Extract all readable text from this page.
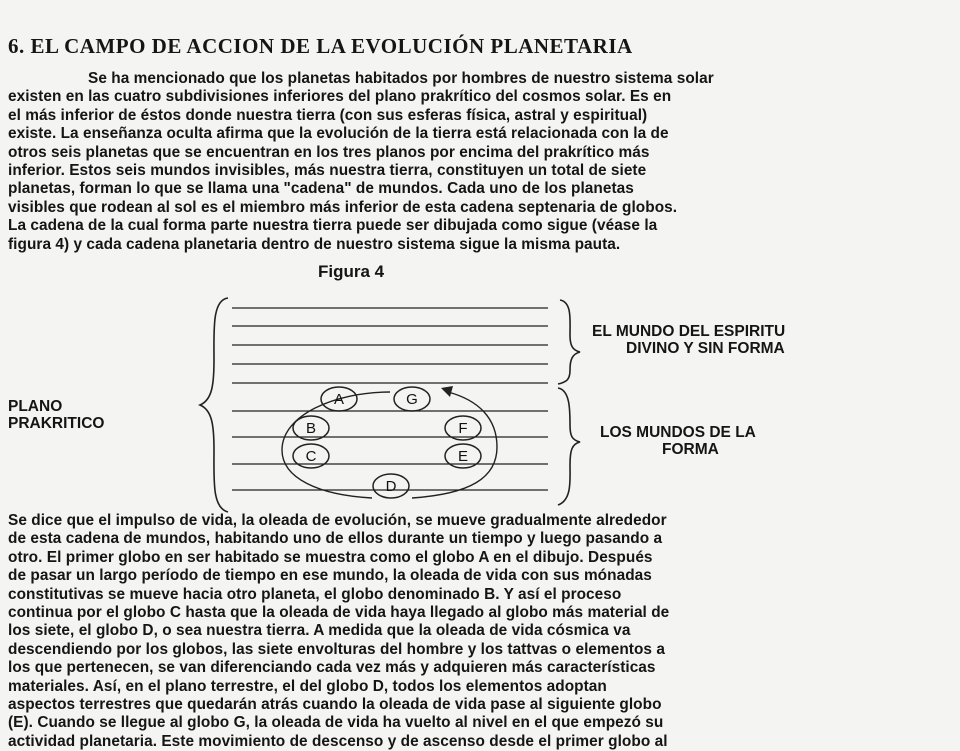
6. EL CAMPO DE ACCION DE LA EVOLUCIÓN PLANETARIA
Se ha mencionado que los planetas habitados por hombres de nuestro sistema solar
existen en las cuatro subdivisiones inferiores del plano prakrítico del cosmos solar. Es en
el más inferior de éstos donde nuestra tierra (con sus esferas física, astral y espiritual)
existe. La enseñanza oculta afirma que la evolución de la tierra está relacionada con la de
otros seis planetas que se encuentran en los tres planos por encima del prakrítico más
inferior. Estos seis mundos invisibles, más nuestra tierra, constituyen un total de siete
planetas, forman lo que se llama una "cadena" de mundos. Cada uno de los planetas
visibles que rodean al sol es el miembro más inferior de esta cadena septenaria de globos.
La cadena de la cual forma parte nuestra tierra puede ser dibujada como sigue (véase la
figura 4) y cada cadena planetaria dentro de nuestro sistema sigue la misma pauta.
Figura 4
A	G
B	F
C	E
D
PLANO
PRAKRITICO
EL MUNDO DEL ESPIRITU
DIVINO Y SIN FORMA
LOS MUNDOS DE LA
FORMA
Se dice que el impulso de vida, la oleada de evolución, se mueve gradualmente alrededor
de esta cadena de mundos, habitando uno de ellos durante un tiempo y luego pasando a
otro. El primer globo en ser habitado se muestra como el globo A en el dibujo. Después
de pasar un largo período de tiempo en ese mundo, la oleada de vida con sus mónadas
constitutivas se mueve hacia otro planeta, el globo denominado B. Y así el proceso
continua por el globo C hasta que la oleada de vida haya llegado al globo más material de
los siete, el globo D, o sea nuestra tierra. A medida que la oleada de vida cósmica va
descendiendo por los globos, las siete envolturas del hombre y los tattvas o elementos a
los que pertenecen, se van diferenciando cada vez más y adquieren más características
materiales. Así, en el plano terrestre, el del globo D, todos los elementos adoptan
aspectos terrestres que quedarán atrás cuando la oleada de vida pase al siguiente globo
(E). Cuando se llegue al globo G, la oleada de vida ha vuelto al nivel en el que empezó su
actividad planetaria. Este movimiento de descenso y de ascenso desde el primer globo al
